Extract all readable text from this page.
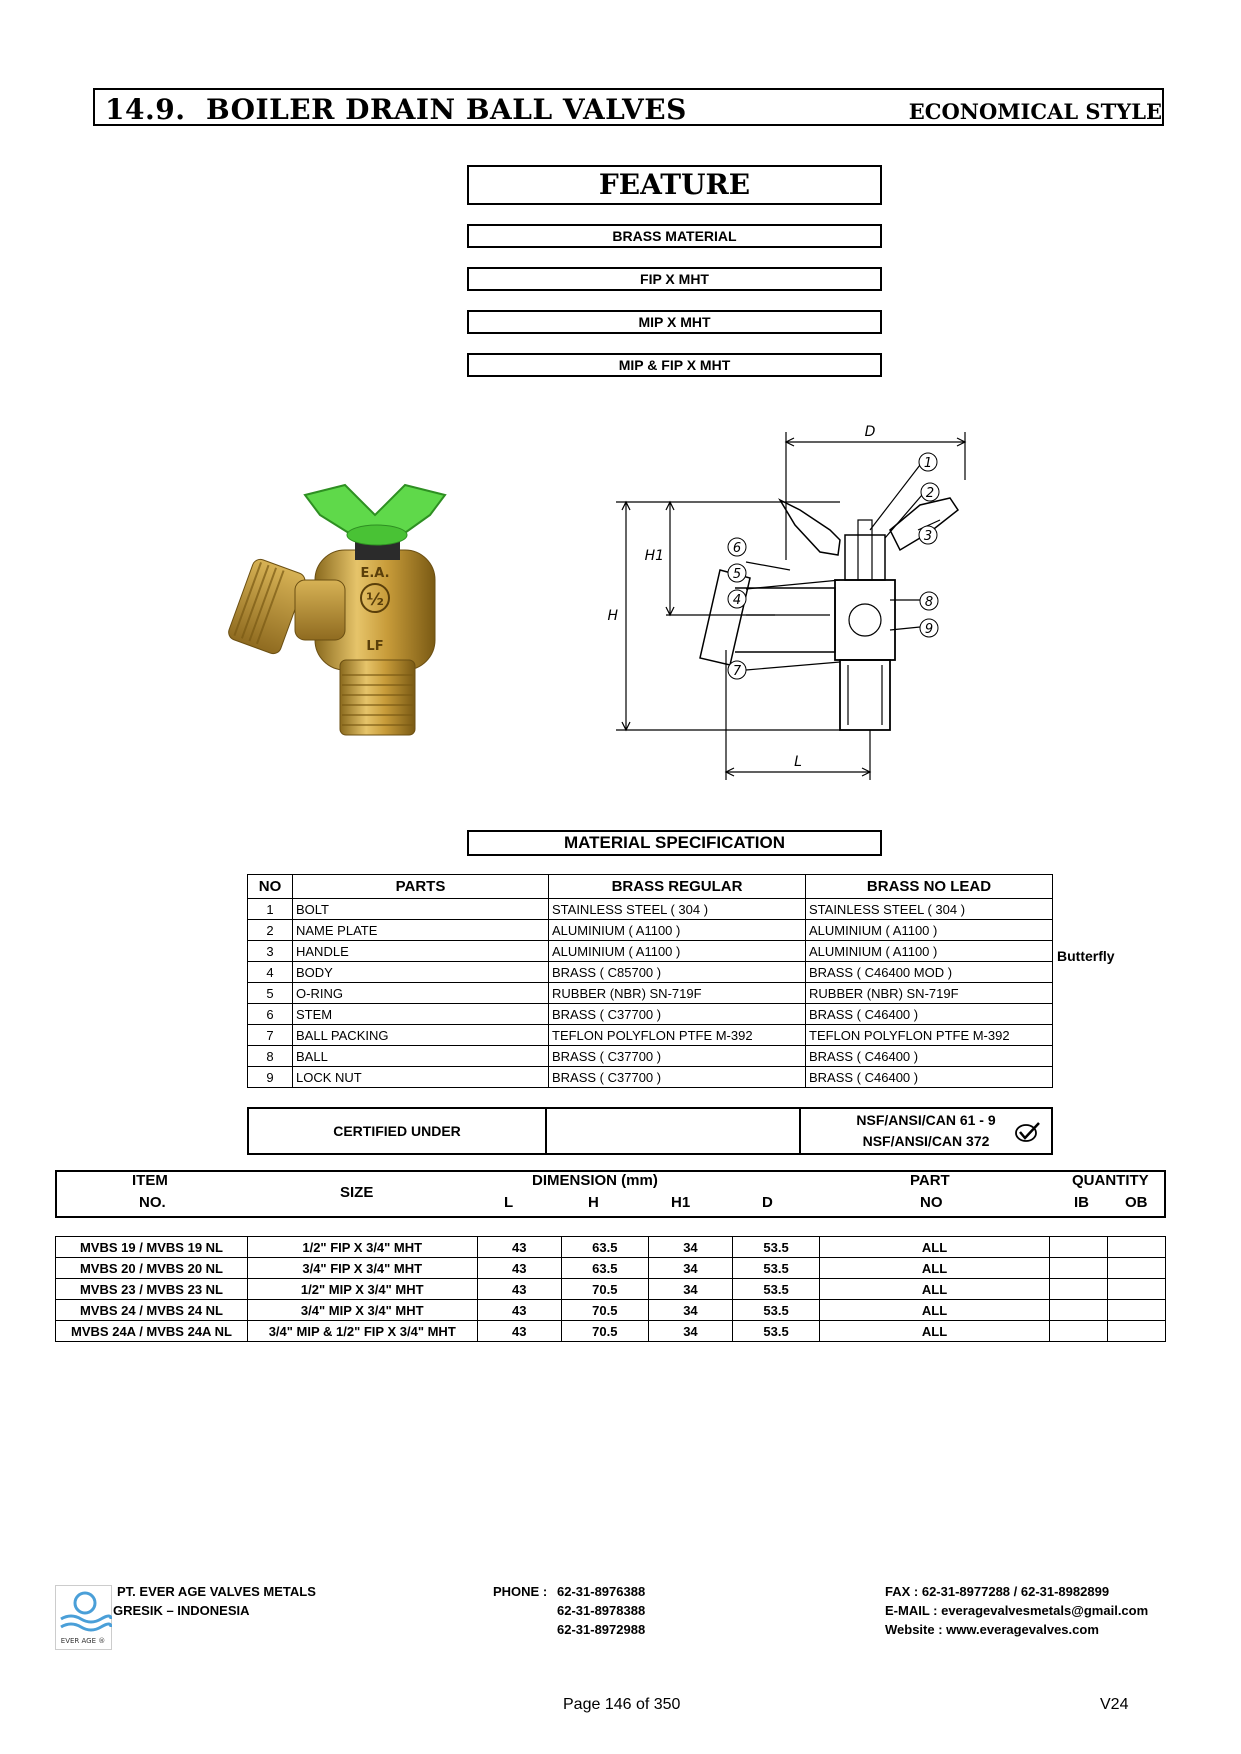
14.9.  BOILER DRAIN BALL VALVES	ECONOMICAL STYLE
FEATURE
BRASS MATERIAL
FIP X MHT
MIP X MHT
MIP & FIP X MHT
E.A.
½
LF
D
H
H1
L
1
2
3
4
5
6
7
8
9
MATERIAL SPECIFICATION
NO	PARTS	BRASS REGULAR	BRASS NO LEAD
1	BOLT	STAINLESS STEEL ( 304 )	STAINLESS STEEL ( 304 )
2	NAME PLATE	ALUMINIUM ( A1100 )	ALUMINIUM ( A1100 )
3	HANDLE	ALUMINIUM ( A1100 )	ALUMINIUM ( A1100 )
4	BODY	BRASS ( C85700 )	BRASS ( C46400 MOD )
5	O-RING	RUBBER (NBR) SN-719F	RUBBER (NBR) SN-719F
6	STEM	BRASS ( C37700 )	BRASS ( C46400 )
7	BALL PACKING	TEFLON POLYFLON PTFE M-392	TEFLON POLYFLON PTFE M-392
8	BALL	BRASS ( C37700 )	BRASS ( C46400 )
9	LOCK NUT	BRASS ( C37700 )	BRASS ( C46400 )
Butterfly
CERTIFIED UNDER		
NSF/ANSI/CAN 61 - 9
NSF/ANSI/CAN 372
ITEM
NO.
SIZE
DIMENSION (mm)
L	H	H1	D
PART
NO
QUANTITY
IB OB
MVBS 19 / MVBS 19 NL	1/2" FIP X 3/4" MHT	43	63.5	34	53.5	ALL		
MVBS 20 / MVBS 20 NL	3/4" FIP X 3/4" MHT	43	63.5	34	53.5	ALL		
MVBS 23 / MVBS 23 NL	1/2" MIP X 3/4" MHT	43	70.5	34	53.5	ALL		
MVBS 24 / MVBS 24 NL	3/4" MIP X 3/4" MHT	43	70.5	34	53.5	ALL		
MVBS 24A / MVBS 24A NL	3/4" MIP & 1/2" FIP X 3/4" MHT	43	70.5	34	53.5	ALL		
EVER AGE ®
PT. EVER AGE VALVES METALS
GRESIK – INDONESIA
PHONE : 62-31-8976388
62-31-8978388
62-31-8972988
FAX : 62-31-8977288 / 62-31-8982899
E-MAIL : everagevalvesmetals@gmail.com
Website : www.everagevalves.com
Page 146 of 350	V24
